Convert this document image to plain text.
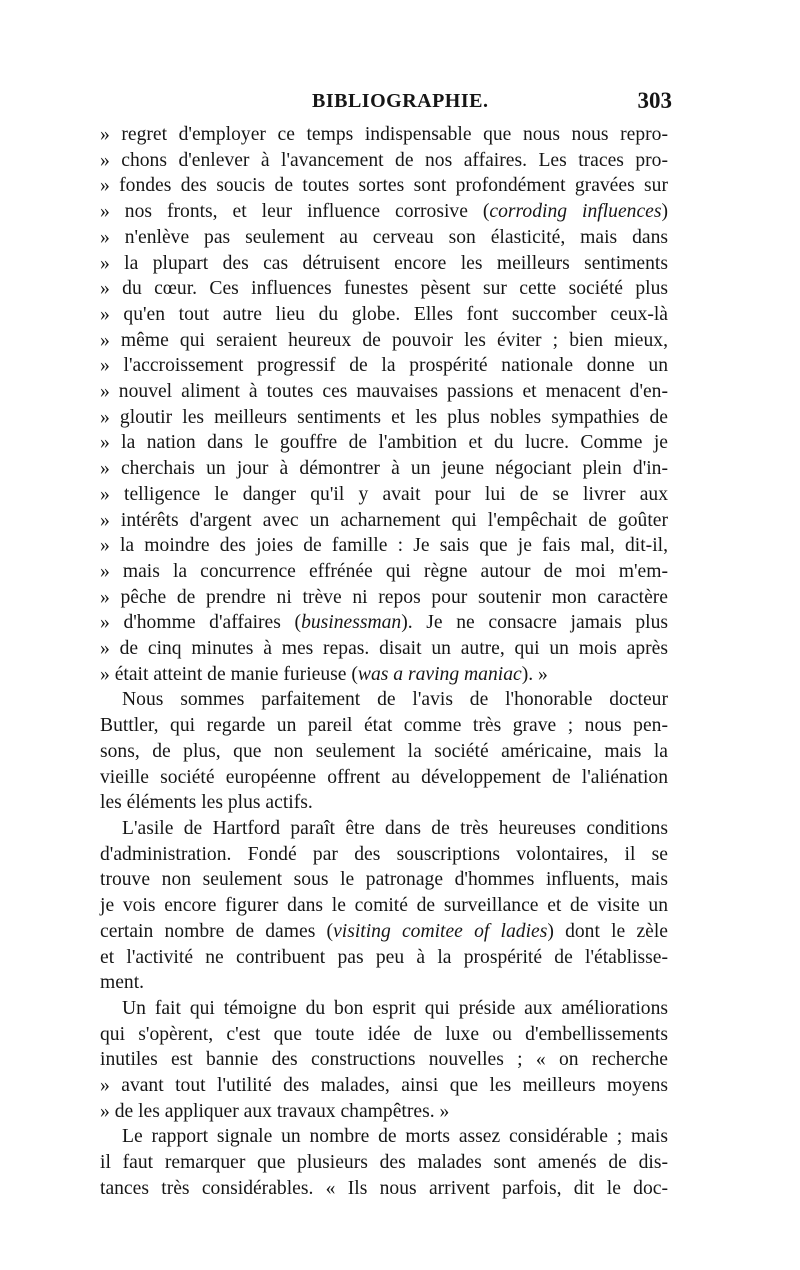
BIBLIOGRAPHIE.	303
» regret d'employer ce temps indispensable que nous nous repro-
» chons d'enlever à l'avancement de nos affaires. Les traces pro-
» fondes des soucis de toutes sortes sont profondément gravées sur
» nos fronts, et leur influence corrosive (corroding influences)
» n'enlève pas seulement au cerveau son élasticité, mais dans
» la plupart des cas détruisent encore les meilleurs sentiments
» du cœur. Ces influences funestes pèsent sur cette société plus
» qu'en tout autre lieu du globe. Elles font succomber ceux-là
» même qui seraient heureux de pouvoir les éviter ; bien mieux,
» l'accroissement progressif de la prospérité nationale donne un
» nouvel aliment à toutes ces mauvaises passions et menacent d'en-
» gloutir les meilleurs sentiments et les plus nobles sympathies de
» la nation dans le gouffre de l'ambition et du lucre. Comme je
» cherchais un jour à démontrer à un jeune négociant plein d'in-
» telligence le danger qu'il y avait pour lui de se livrer aux
» intérêts d'argent avec un acharnement qui l'empêchait de goûter
» la moindre des joies de famille : Je sais que je fais mal, dit-il,
» mais la concurrence effrénée qui règne autour de moi m'em-
» pêche de prendre ni trève ni repos pour soutenir mon caractère
» d'homme d'affaires (businessman). Je ne consacre jamais plus
» de cinq minutes à mes repas. disait un autre, qui un mois après
» était atteint de manie furieuse (was a raving maniac). »
Nous sommes parfaitement de l'avis de l'honorable docteur
Buttler, qui regarde un pareil état comme très grave ; nous pen-
sons, de plus, que non seulement la société américaine, mais la
vieille société européenne offrent au développement de l'aliénation
les éléments les plus actifs.
L'asile de Hartford paraît être dans de très heureuses conditions
d'administration. Fondé par des souscriptions volontaires, il se
trouve non seulement sous le patronage d'hommes influents, mais
je vois encore figurer dans le comité de surveillance et de visite un
certain nombre de dames (visiting comitee of ladies) dont le zèle
et l'activité ne contribuent pas peu à la prospérité de l'établisse-
ment.
Un fait qui témoigne du bon esprit qui préside aux améliorations
qui s'opèrent, c'est que toute idée de luxe ou d'embellissements
inutiles est bannie des constructions nouvelles ; « on recherche
» avant tout l'utilité des malades, ainsi que les meilleurs moyens
» de les appliquer aux travaux champêtres. »
Le rapport signale un nombre de morts assez considérable ; mais
il faut remarquer que plusieurs des malades sont amenés de dis-
tances très considérables. « Ils nous arrivent parfois, dit le doc-
